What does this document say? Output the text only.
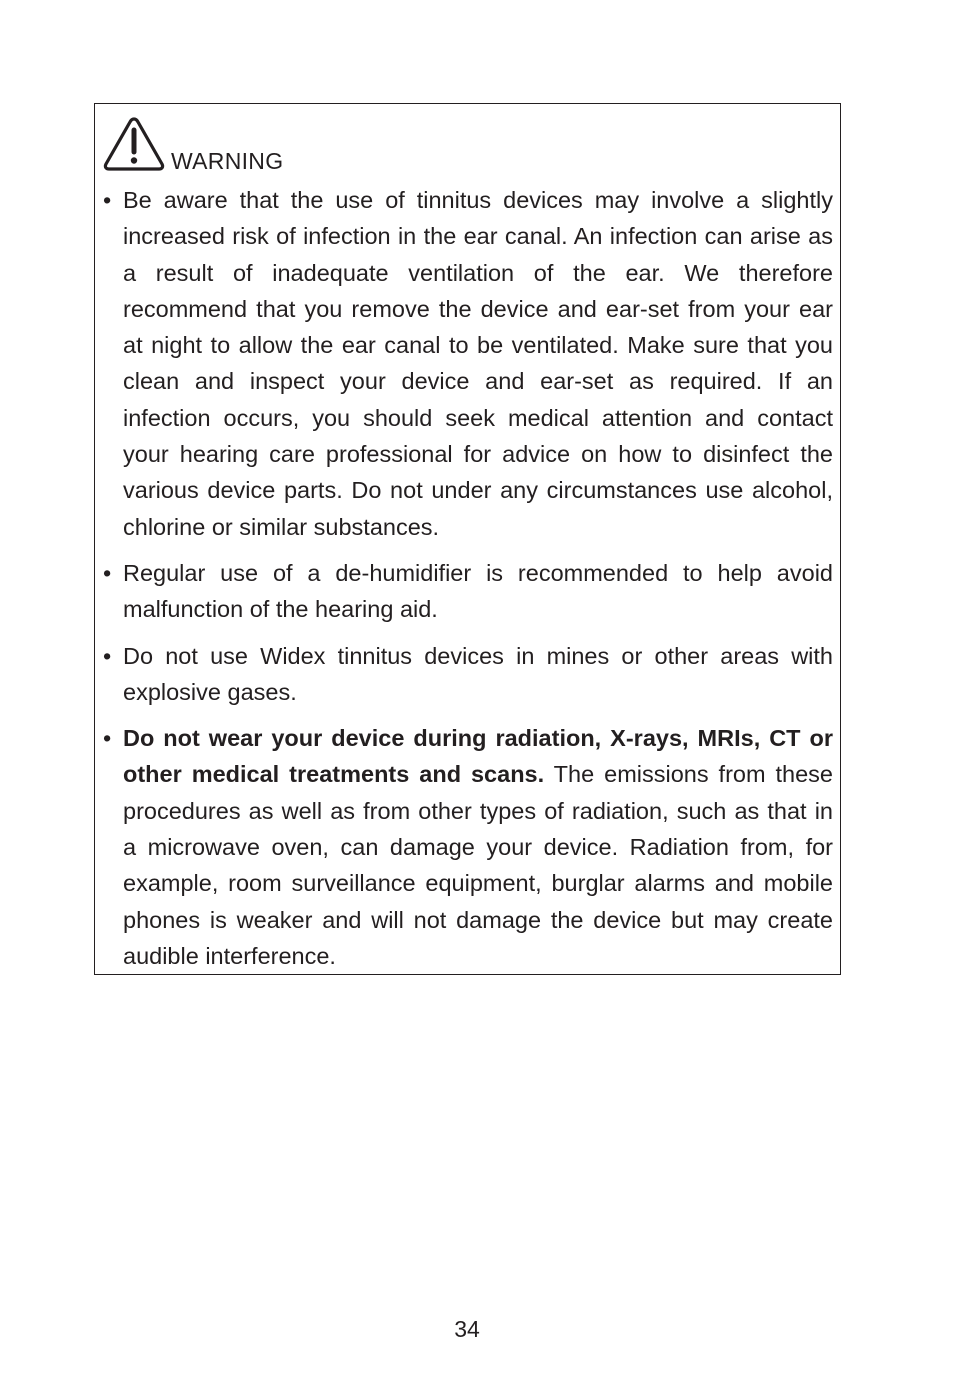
WARNING
• Be aware that the use of tinnitus devices may involve a slightly increased risk of infection in the ear canal. An infection can arise as a result of inadequate ventilation of the ear. We therefore recommend that you remove the device and ear-set from your ear at night to allow the ear canal to be ventilated. Make sure that you clean and inspect your device and ear-set as required. If an infection occurs, you should seek medical attention and contact your hearing care professional for advice on how to disinfect the various device parts. Do not under any circumstances use alcohol, chlorine or similar substances.
• Regular use of a de-humidifier is recommended to help avoid malfunction of the hearing aid.
• Do not use Widex tinnitus devices in mines or other areas with explosive gases.
• Do not wear your device during radiation, X-rays, MRIs, CT or other medical treatments and scans. The emissions from these procedures as well as from other types of radiation, such as that in a microwave oven, can damage your device. Radiation from, for example, room surveillance equipment, burglar alarms and mobile phones is weaker and will not damage the device but may create audible interference.
34
